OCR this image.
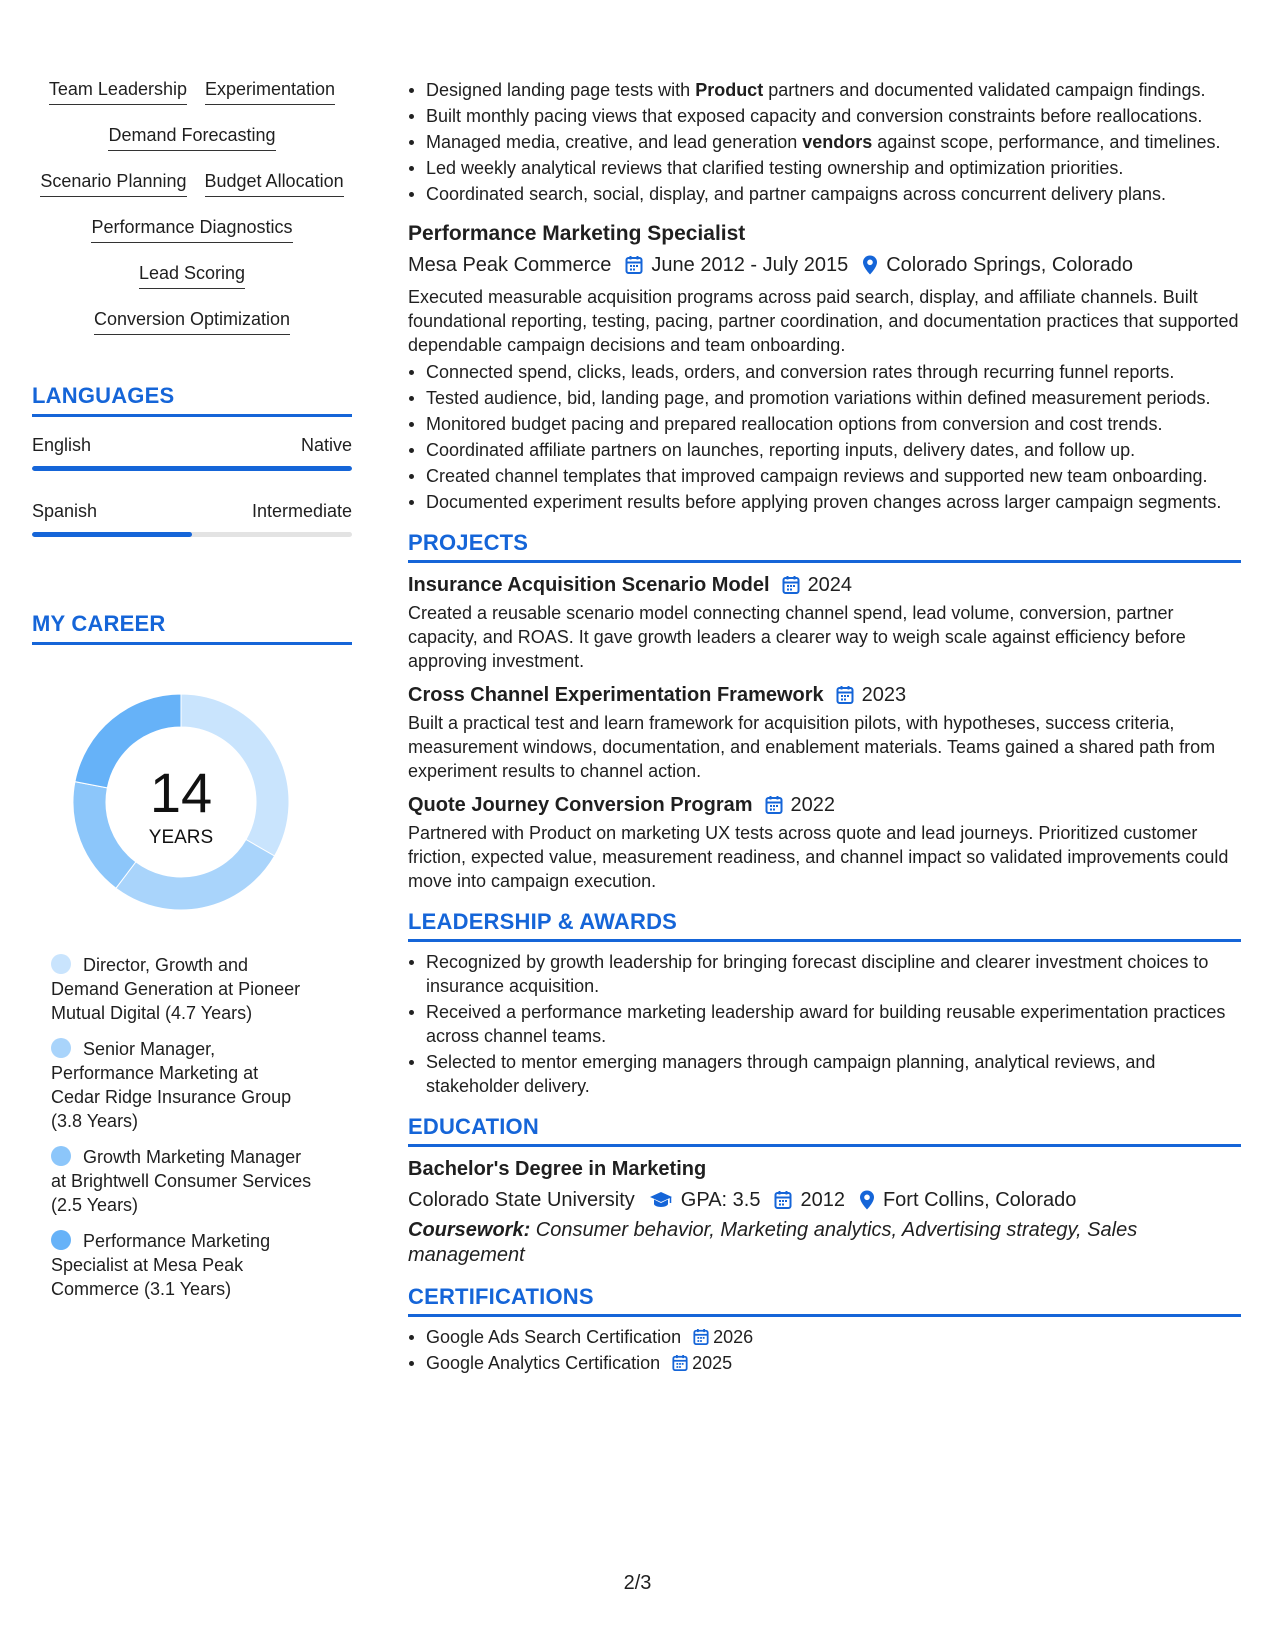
Team Leadership Experimentation
Demand Forecasting
Scenario Planning Budget Allocation
Performance Diagnostics
Lead Scoring
Conversion Optimization
LANGUAGES
English	Native
Spanish	Intermediate
MY CAREER
14
YEARS
Director, Growth and Demand Generation at Pioneer Mutual Digital (4.7 Years)
Senior Manager, Performance Marketing at Cedar Ridge Insurance Group (3.8 Years)
Growth Marketing Manager at Brightwell Consumer Services (2.5 Years)
Performance Marketing Specialist at Mesa Peak Commerce (3.1 Years)
Designed landing page tests with Product partners and documented validated campaign findings.
Built monthly pacing views that exposed capacity and conversion constraints before reallocations.
Managed media, creative, and lead generation vendors against scope, performance, and timelines.
Led weekly analytical reviews that clarified testing ownership and optimization priorities.
Coordinated search, social, display, and partner campaigns across concurrent delivery plans.
Performance Marketing Specialist
Mesa Peak Commerce June 2012 - July 2015 Colorado Springs, Colorado
Executed measurable acquisition programs across paid search, display, and affiliate channels. Built foundational reporting, testing, pacing, partner coordination, and documentation practices that supported dependable campaign decisions and team onboarding.
Connected spend, clicks, leads, orders, and conversion rates through recurring funnel reports.
Tested audience, bid, landing page, and promotion variations within defined measurement periods.
Monitored budget pacing and prepared reallocation options from conversion and cost trends.
Coordinated affiliate partners on launches, reporting inputs, delivery dates, and follow up.
Created channel templates that improved campaign reviews and supported new team onboarding.
Documented experiment results before applying proven changes across larger campaign segments.
PROJECTS
Insurance Acquisition Scenario Model 2024
Created a reusable scenario model connecting channel spend, lead volume, conversion, partner capacity, and ROAS. It gave growth leaders a clearer way to weigh scale against efficiency before approving investment.
Cross Channel Experimentation Framework 2023
Built a practical test and learn framework for acquisition pilots, with hypotheses, success criteria, measurement windows, documentation, and enablement materials. Teams gained a shared path from experiment results to channel action.
Quote Journey Conversion Program 2022
Partnered with Product on marketing UX tests across quote and lead journeys. Prioritized customer friction, expected value, measurement readiness, and channel impact so validated improvements could move into campaign execution.
LEADERSHIP & AWARDS
Recognized by growth leadership for bringing forecast discipline and clearer investment choices to insurance acquisition.
Received a performance marketing leadership award for building reusable experimentation practices across channel teams.
Selected to mentor emerging managers through campaign planning, analytical reviews, and stakeholder delivery.
EDUCATION
Bachelor's Degree in Marketing
Colorado State University GPA: 3.5 2012 Fort Collins, Colorado
Coursework: Consumer behavior, Marketing analytics, Advertising strategy, Sales management
CERTIFICATIONS
Google Ads Search Certification 2026
Google Analytics Certification 2025
2/3
